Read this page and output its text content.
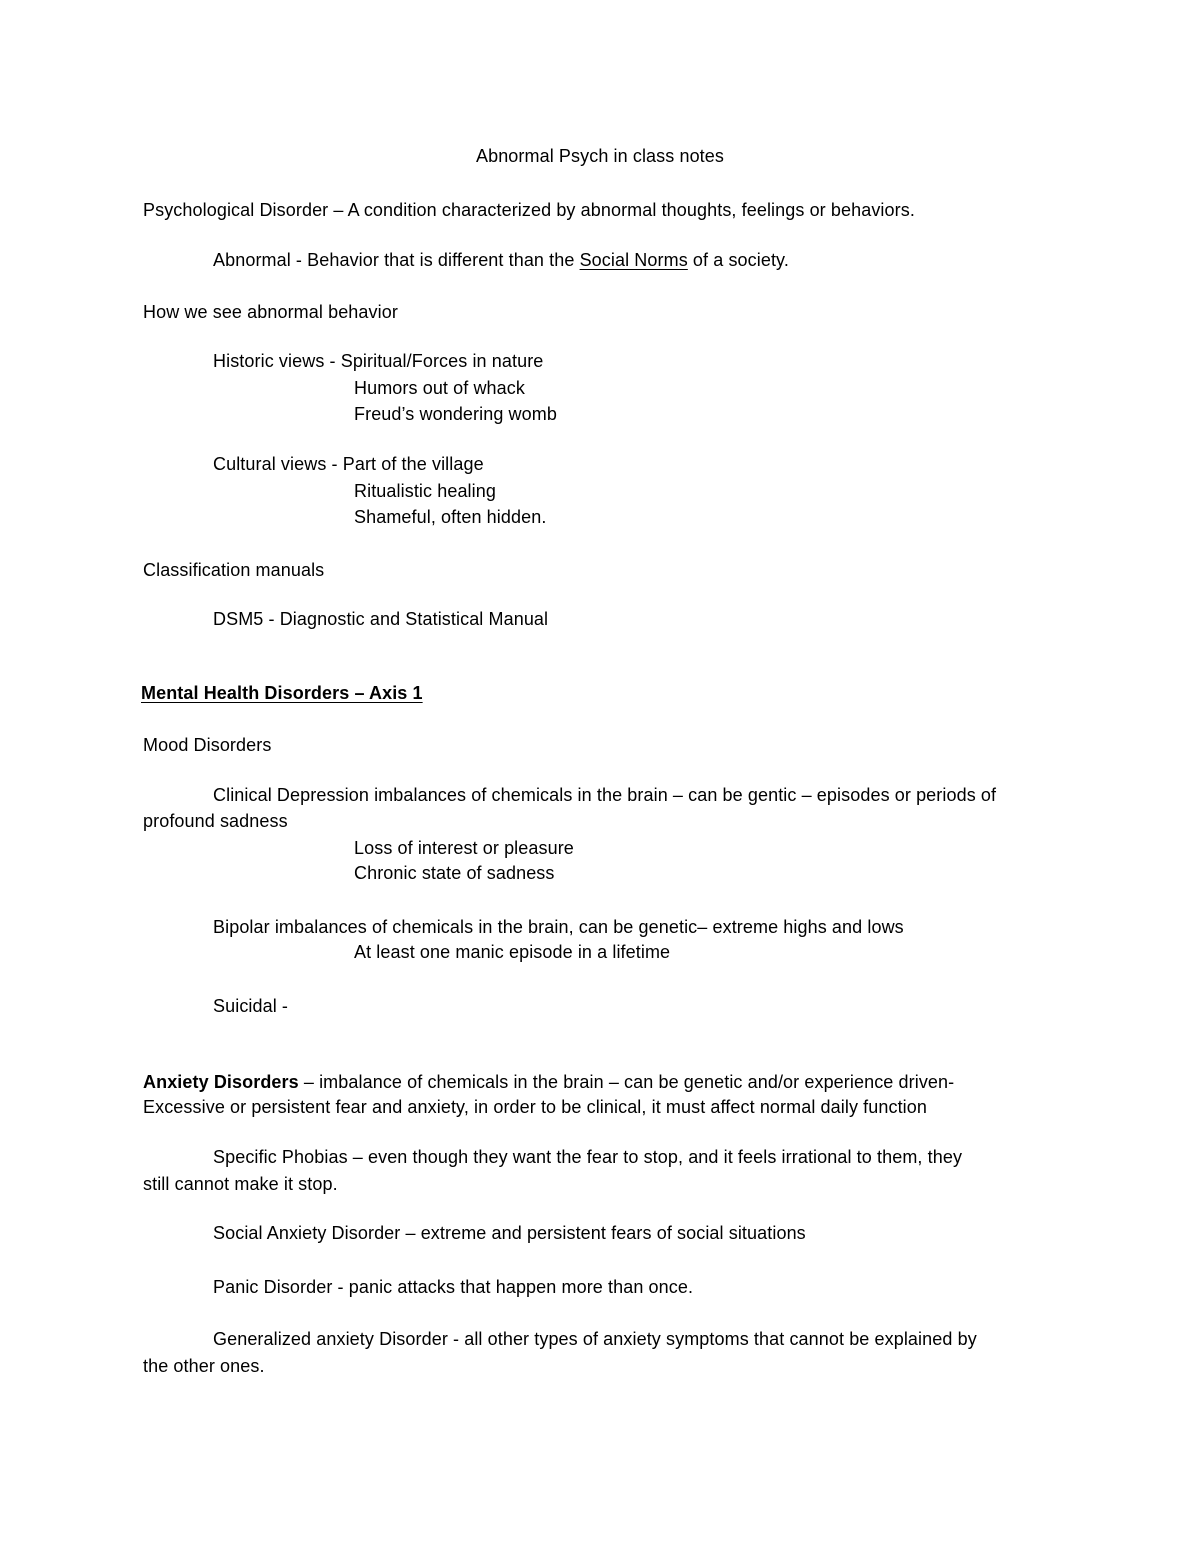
Abnormal Psych in class notes
Psychological Disorder – A condition characterized by abnormal thoughts, feelings or behaviors.
Abnormal - Behavior that is different than the Social Norms of a society.
How we see abnormal behavior
Historic views - Spiritual/Forces in nature
Humors out of whack
Freud’s wondering womb
Cultural views - Part of the village
Ritualistic healing
Shameful, often hidden.
Classification manuals
DSM5 - Diagnostic and Statistical Manual
Mental Health Disorders – Axis 1
Mood Disorders
Clinical Depression imbalances of chemicals in the brain – can be gentic – episodes or periods of
profound sadness
Loss of interest or pleasure
Chronic state of sadness
Bipolar imbalances of chemicals in the brain, can be genetic– extreme highs and lows
At least one manic episode in a lifetime
Suicidal -
Anxiety Disorders – imbalance of chemicals in the brain – can be genetic and/or experience driven-
Excessive or persistent fear and anxiety, in order to be clinical, it must affect normal daily function
Specific Phobias – even though they want the fear to stop, and it feels irrational to them, they
still cannot make it stop.
Social Anxiety Disorder – extreme and persistent fears of social situations
Panic Disorder - panic attacks that happen more than once.
Generalized anxiety Disorder - all other types of anxiety symptoms that cannot be explained by
the other ones.
